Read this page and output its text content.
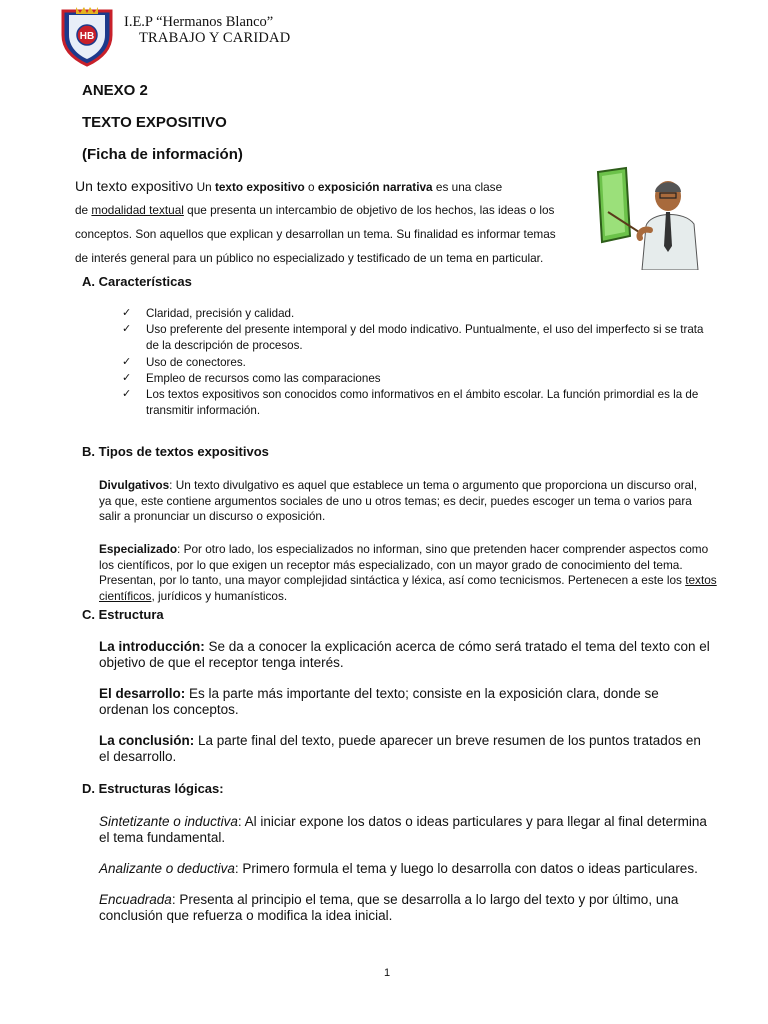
HB
I.E.P “Hermanos Blanco”
TRABAJO Y CARIDAD
ANEXO 2
TEXTO EXPOSITIVO
(Ficha de información)
Un texto expositivo Un texto expositivo o exposición narrativa es una clase
de modalidad textual que presenta un intercambio de objetivo de los hechos, las ideas o los
conceptos. Son aquellos que explican y desarrollan un tema. Su finalidad es informar temas
de interés general para un público no especializado y testificado de un tema en particular.
A. Características
✓ Claridad, precisión y calidad.
✓ Uso preferente del presente intemporal y del modo indicativo. Puntualmente, el uso del imperfecto si se trata de la descripción de procesos.
✓ Uso de conectores.
✓ Empleo de recursos como las comparaciones
✓ Los textos expositivos son conocidos como informativos en el ámbito escolar. La función primordial es la de transmitir información.
B. Tipos de textos expositivos
Divulgativos: Un texto divulgativo es aquel que establece un tema o argumento que proporciona un discurso oral, ya que, este contiene argumentos sociales de uno u otros temas; es decir, puedes escoger un tema o varios para salir a pronunciar un discurso o exposición.
Especializado: Por otro lado, los especializados no informan, sino que pretenden hacer comprender aspectos como los científicos, por lo que exigen un receptor más especializado, con un mayor grado de conocimiento del tema. Presentan, por lo tanto, una mayor complejidad sintáctica y léxica, así como tecnicismos. Pertenecen a este los textos científicos, jurídicos y humanísticos.
C. Estructura
La introducción: Se da a conocer la explicación acerca de cómo será tratado el tema del texto con el objetivo de que el receptor tenga interés.
El desarrollo: Es la parte más importante del texto; consiste en la exposición clara, donde se ordenan los conceptos.
La conclusión: La parte final del texto, puede aparecer un breve resumen de los puntos tratados en el desarrollo.
D. Estructuras lógicas:
Sintetizante o inductiva: Al iniciar expone los datos o ideas particulares y para llegar al final determina el tema fundamental.
Analizante o deductiva: Primero formula el tema y luego lo desarrolla con datos o ideas particulares.
Encuadrada: Presenta al principio el tema, que se desarrolla a lo largo del texto y por último, una conclusión que refuerza o modifica la idea inicial.
1
